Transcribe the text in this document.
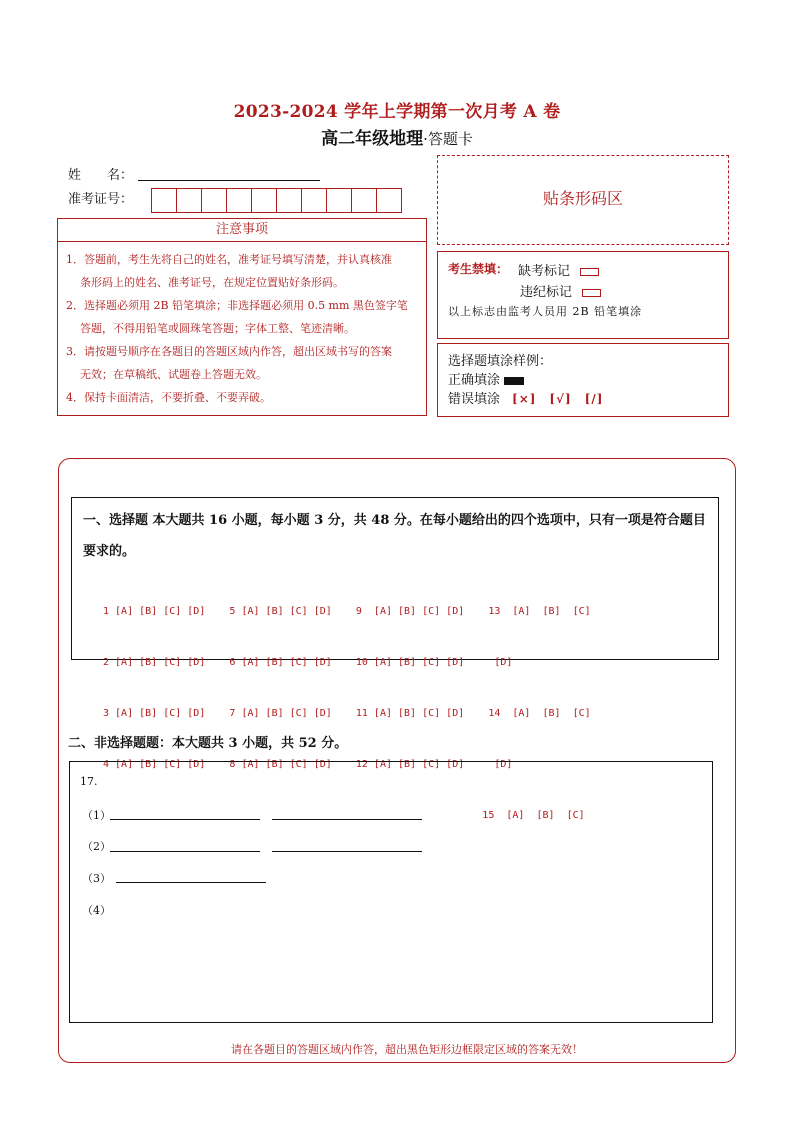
2023-2024 学年上学期第一次月考 A 卷
高二年级地理·答题卡
姓　　名：
准考证号：
注意事项
1．答题前，考生先将自己的姓名，准考证号填写清楚，并认真核准
条形码上的姓名、准考证号，在规定位置贴好条形码。
2．选择题必须用 2B 铅笔填涂；非选择题必须用 0.5 mm 黑色签字笔
答题，不得用铅笔或圆珠笔答题；字体工整、笔迹清晰。
3．请按题号顺序在各题目的答题区域内作答，超出区域书写的答案
无效；在草稿纸、试题卷上答题无效。
4．保持卡面清洁，不要折叠、不要弄破。
贴条形码区
考生禁填： 缺考标记
违纪标记
以上标志由监考人员用 2B 铅笔填涂
选择题填涂样例：
正确填涂
错误填涂 [×]　[√]　[/]
一、选择题 本大题共 16 小题，每小题 3 分，共 48 分。在每小题给出的四个选项中，只有一项是符合题目要求的。

1 [A] [B] [C] [D]    5 [A] [B] [C] [D]    9  [A] [B] [C] [D]    13  [A]  [B]  [C]

2 [A] [B] [C] [D]    6 [A] [B] [C] [D]    10 [A] [B] [C] [D]     [D]

3 [A] [B] [C] [D]    7 [A] [B] [C] [D]    11 [A] [B] [C] [D]    14  [A]  [B]  [C]

4 [A] [B] [C] [D]    8 [A] [B] [C] [D]    12 [A] [B] [C] [D]     [D]

15  [A]  [B]  [C]

二、非选择题题：本大题共 3 小题，共 52 分。
17.
（1）
（2）
（3）
（4）
请在各题目的答题区域内作答，超出黑色矩形边框限定区域的答案无效！
